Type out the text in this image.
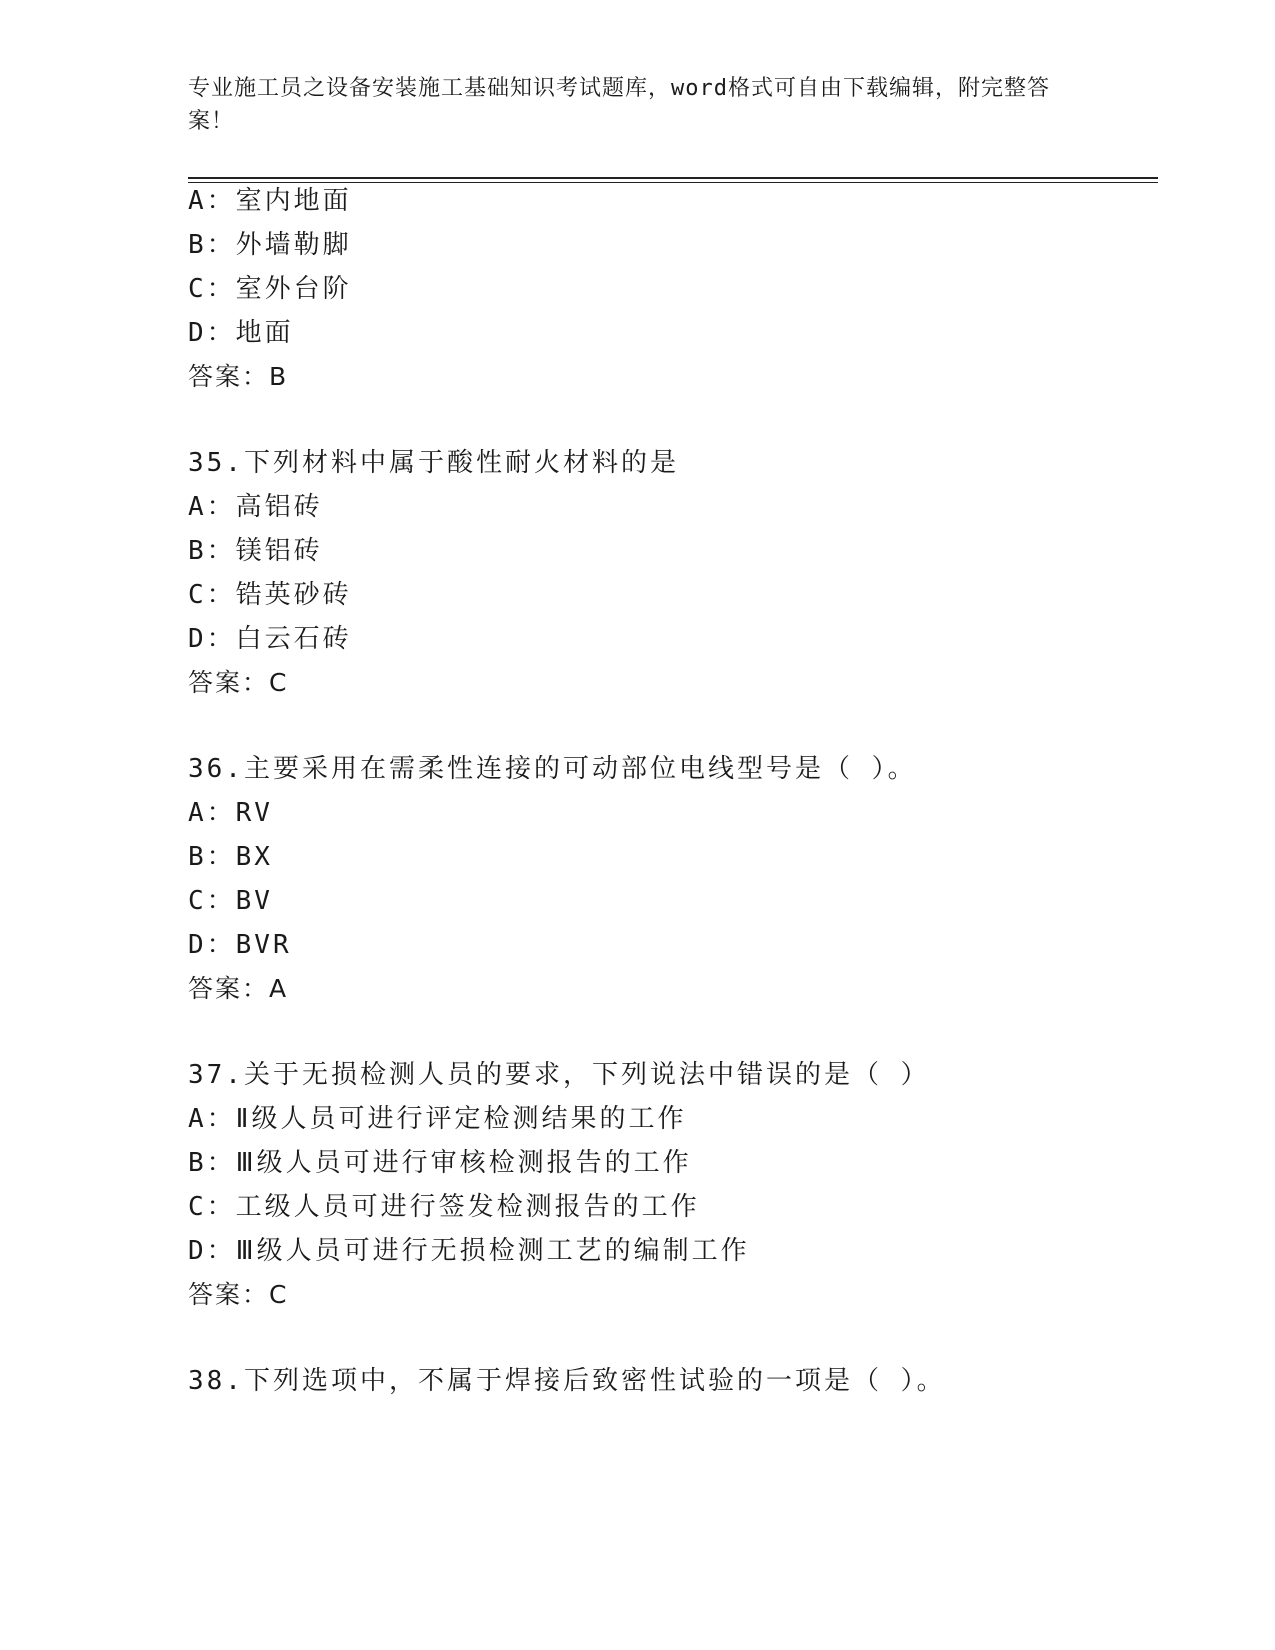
专业施工员之设备安装施工基础知识考试题库，word格式可自由下载编辑，附完整答案！
A：室内地面
B：外墙勒脚
C：室外台阶
D：地面
答案：B
35.下列材料中属于酸性耐火材料的是
A：高铝砖
B：镁铝砖
C：锆英砂砖
D：白云石砖
答案：C
36.主要采用在需柔性连接的可动部位电线型号是（ ）。
A：RV
B：BX
C：BV
D：BVR
答案：A
37.关于无损检测人员的要求，下列说法中错误的是（ ）
A：Ⅱ级人员可进行评定检测结果的工作
B：Ⅲ级人员可进行审核检测报告的工作
C：工级人员可进行签发检测报告的工作
D：Ⅲ级人员可进行无损检测工艺的编制工作
答案：C
38.下列选项中，不属于焊接后致密性试验的一项是（ ）。
